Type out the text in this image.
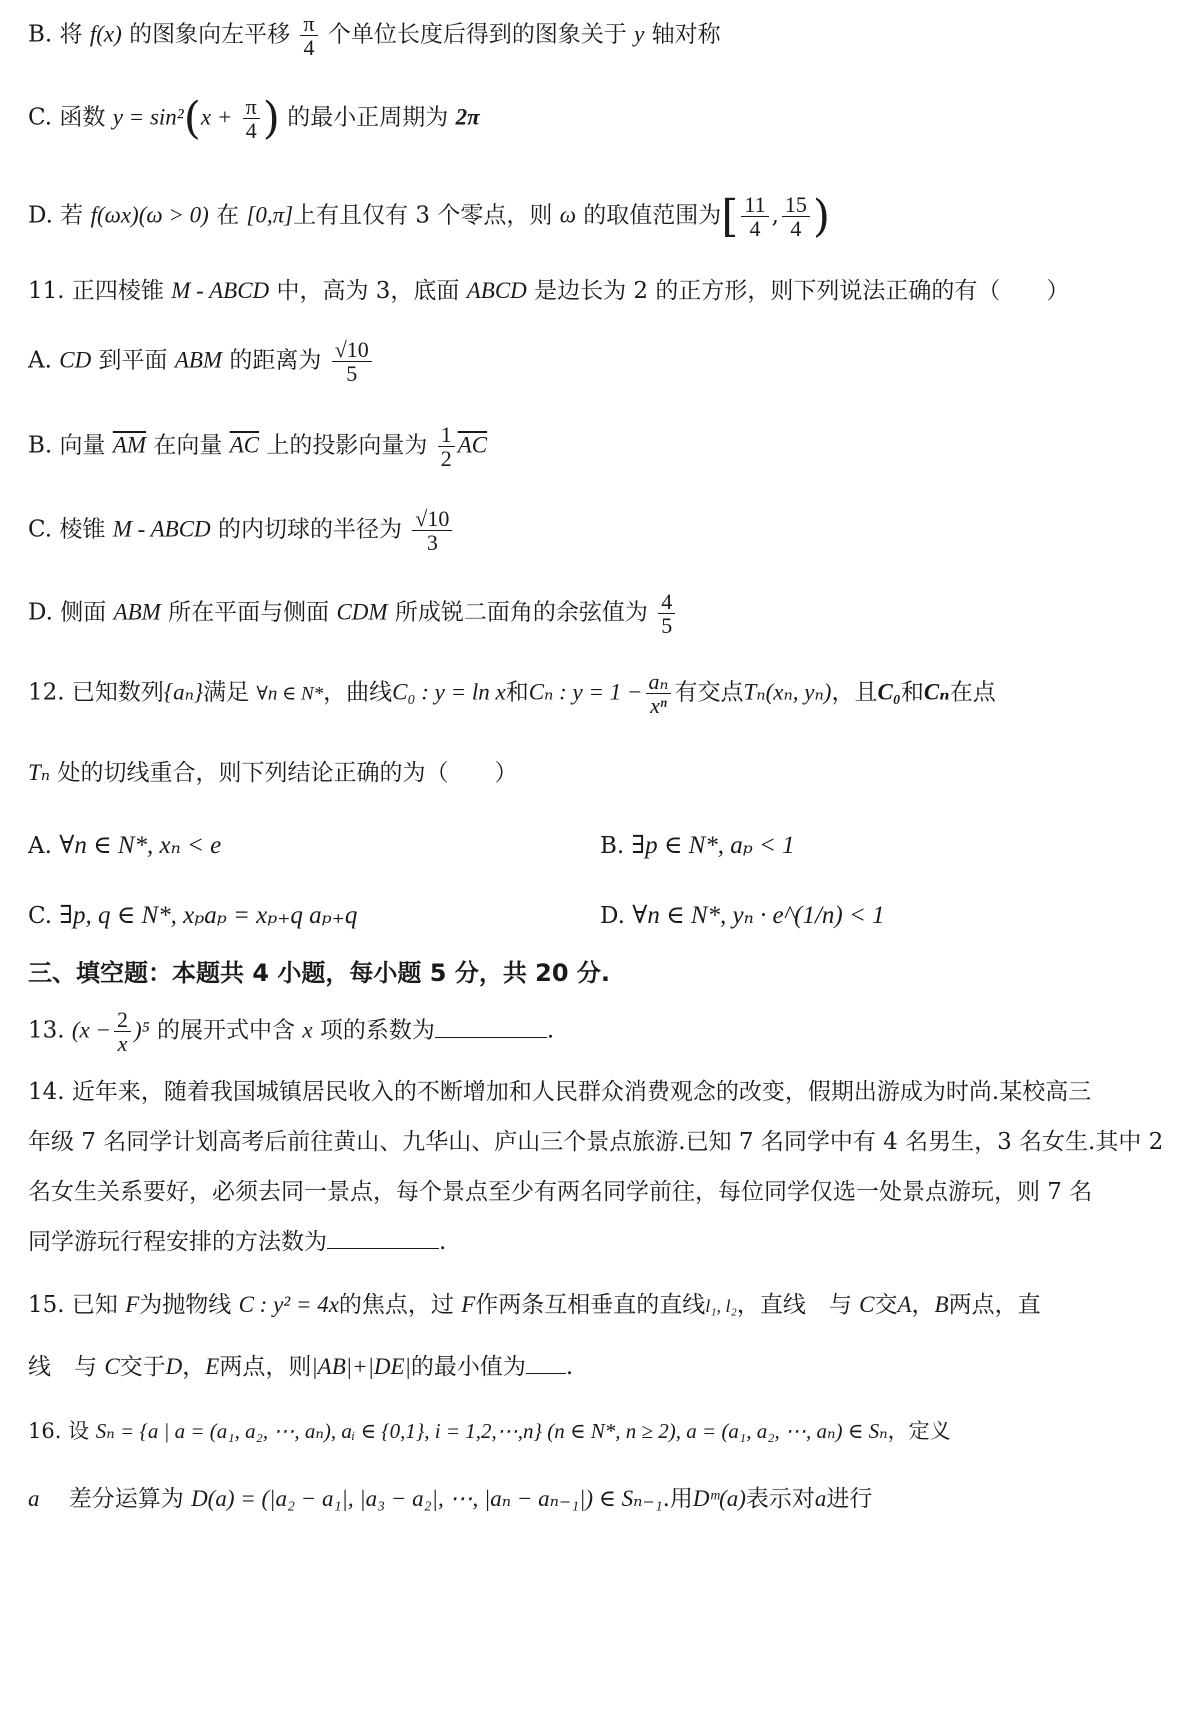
B. 将 f(x) 的图象向左平移 $\frac{\pi}{4}$ 个单位长度后得到的图象关于 y 轴对称
C. 函数 $y = \sin^2(x + \frac{\pi}{4}$ ) 的最小正周期为 2π
D. 若 f(ωx)(ω > 0) 在 [0,π]上有且仅有 3 个零点，则 ω 的取值范围为[ $\frac{11}{4}$ , $\frac{15}{4}$ )
11. 正四棱锥 M - ABCD 中，高为 3，底面 ABCD 是边长为 2 的正方形，则下列说法正确的有（　　）
A. CD 到平面 ABM 的距离为 $\frac{√10}{5}$
B. 向量 $\overline{AM}$ 在向量 $\overline{AC}$ 上的投影向量为 $\frac{1}{2} \overline{AC}$
C. 棱锥 M - ABCD 的内切球的半径为 $\frac{√10}{3}$
D. 侧面 ABM 所在平面与侧面 CDM 所成锐二面角的余弦值为 $\frac{4}{5}$
12. 已知数列{aₙ}满足 ∀n ∈ N*，曲线C₀ : y = ln x和Cₙ : $y = 1 - \frac{\text{aₙ}}{\text{xⁿ}}$ 有交点Tₙ(xₙ, yₙ)，且C₀和Cₙ在点
Tₙ 处的切线重合，则下列结论正确的为（　　）
A. ∀n ∈ N*, xₙ < e	B. ∃p ∈ N*, aₚ < 1
C. ∃p, q ∈ N*, xₚaₚ = xₚ₊q aₚ₊q	D. ∀n ∈ N*, yₙ · e^(1/n) < 1
三、填空题：本题共 4 小题，每小题 5 分，共 20 分.
13. $(x - \frac{2}{x} )^5$ 的展开式中含 x 项的系数为	.
14. 近年来，随着我国城镇居民收入的不断增加和人民群众消费观念的改变，假期出游成为时尚.某校高三
年级 7 名同学计划高考后前往黄山、九华山、庐山三个景点旅游.已知 7 名同学中有 4 名男生，3 名女生.其中 2
名女生关系要好，必须去同一景点，每个景点至少有两名同学前往，每位同学仅选一处景点游玩，则 7 名
同学游玩行程安排的方法数为	.
15. 已知 F为抛物线 C : y² = 4x的焦点，过 F作两条互相垂直的直线l₁, l₂，直线　与 C交A，B两点，直
线　与 C交于D，E两点，则|AB|+|DE|的最小值为 .
16. 设 Sₙ = {a | a = (a₁, a₂, ⋯, aₙ), aᵢ ∈ {0,1}, i = 1,2,⋯,n} (n ∈ N*, n ≥ 2), a = (a₁, a₂, ⋯, aₙ) ∈ Sₙ，定义
a 差分运算为 D(a) = (|a₂ − a₁|, |a₃ − a₂|, ⋯, |aₙ − aₙ₋₁|) ∈ Sₙ₋₁.用Dᵐ(a)表示对a进行
